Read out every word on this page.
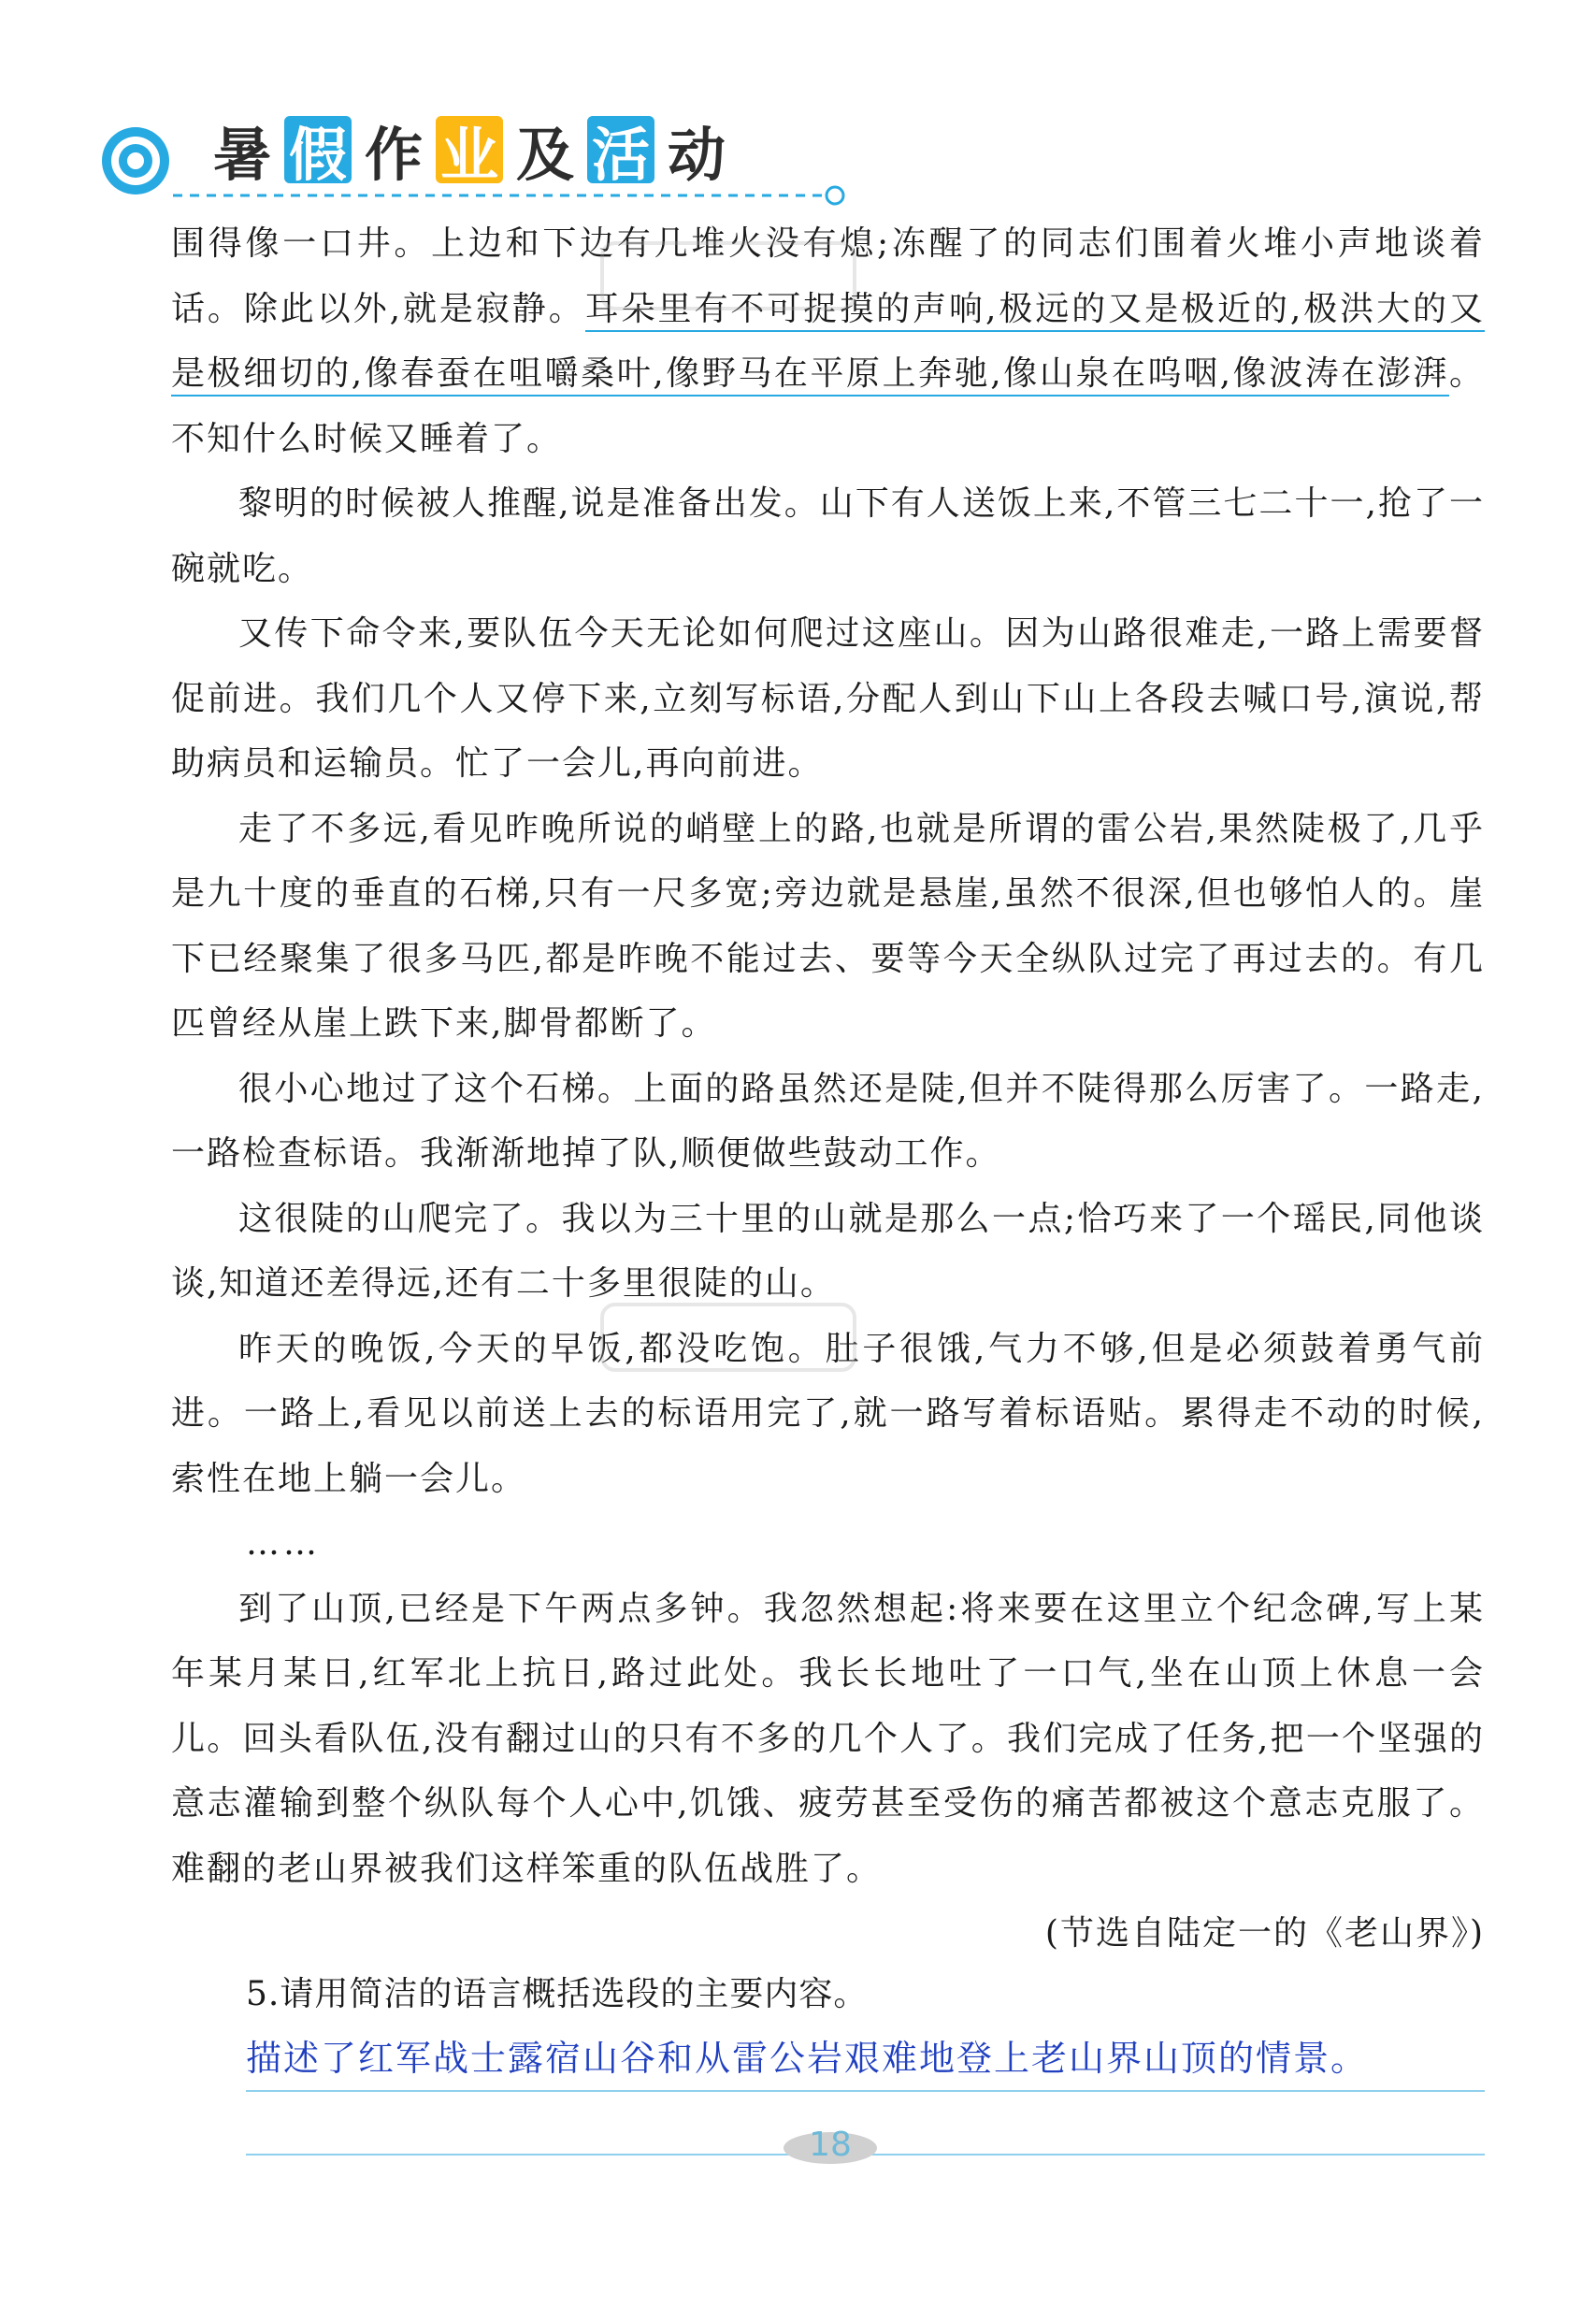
暑 假 作 业 及 活 动

围得像一口井。上边和下边有几堆火没有熄;冻醒了的同志们围着火堆小声地谈着话。除此以外,就是寂静。耳朵里有不可捉摸的声响,极远的又是极近的,极洪大的又是极细切的,像春蚕在咀嚼桑叶,像野马在平原上奔驰,像山泉在呜咽,像波涛在澎湃。不知什么时候又睡着了。

黎明的时候被人推醒,说是准备出发。山下有人送饭上来,不管三七二十一,抢了一碗就吃。

又传下命令来,要队伍今天无论如何爬过这座山。因为山路很难走,一路上需要督促前进。我们几个人又停下来,立刻写标语,分配人到山下山上各段去喊口号,演说,帮助病员和运输员。忙了一会儿,再向前进。

走了不多远,看见昨晚所说的峭壁上的路,也就是所谓的雷公岩,果然陡极了,几乎是九十度的垂直的石梯,只有一尺多宽;旁边就是悬崖,虽然不很深,但也够怕人的。崖下已经聚集了很多马匹,都是昨晚不能过去、要等今天全纵队过完了再过去的。有几匹曾经从崖上跌下来,脚骨都断了。

很小心地过了这个石梯。上面的路虽然还是陡,但并不陡得那么厉害了。一路走,一路检查标语。我渐渐地掉了队,顺便做些鼓动工作。

这很陡的山爬完了。我以为三十里的山就是那么一点;恰巧来了一个瑶民,同他谈谈,知道还差得远,还有二十多里很陡的山。

昨天的晚饭,今天的早饭,都没吃饱。肚子很饿,气力不够,但是必须鼓着勇气前进。一路上,看见以前送上去的标语用完了,就一路写着标语贴。累得走不动的时候,索性在地上躺一会儿。

……

到了山顶,已经是下午两点多钟。我忽然想起:将来要在这里立个纪念碑,写上某年某月某日,红军北上抗日,路过此处。我长长地吐了一口气,坐在山顶上休息一会儿。回头看队伍,没有翻过山的只有不多的几个人了。我们完成了任务,把一个坚强的意志灌输到整个纵队每个人心中,饥饿、疲劳甚至受伤的痛苦都被这个意志克服了。难翻的老山界被我们这样笨重的队伍战胜了。

(节选自陆定一的《老山界》)
5.请用简洁的语言概括选段的主要内容。
描述了红军战士露宿山谷和从雷公岩艰难地登上老山界山顶的情景。
18
